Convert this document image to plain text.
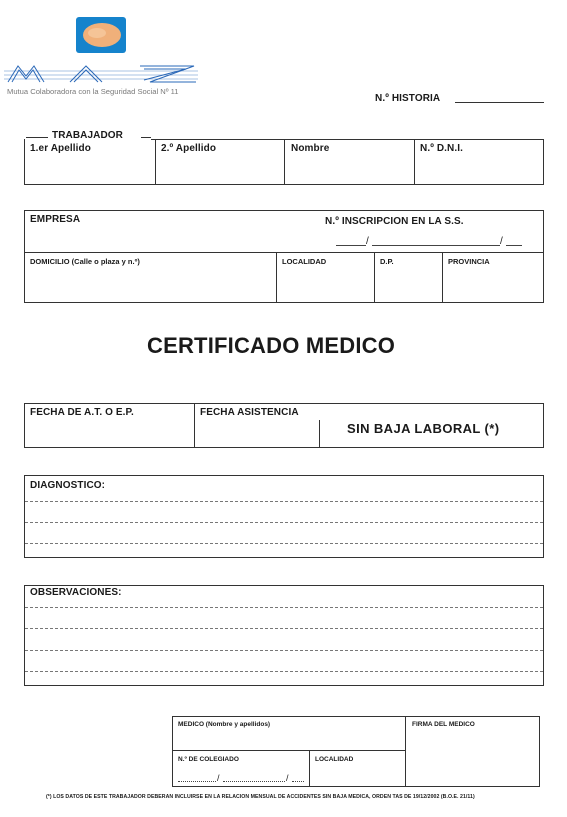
Mutua Colaboradora con la Seguridad Social Nº 11
N.º HISTORIA
TRABAJADOR
1.er Apellido	2.º Apellido	Nombre	N.º D.N.I.
EMPRESA	N.º INSCRIPCION EN LA S.S.
/	/
DOMICILIO (Calle o plaza y n.º)	LOCALIDAD	D.P.	PROVINCIA
CERTIFICADO MEDICO
FECHA DE A.T. O E.P.	FECHA ASISTENCIA
SIN BAJA LABORAL (*)
DIAGNOSTICO:
OBSERVACIONES:
MEDICO (Nombre y apellidos)	FIRMA DEL MEDICO
N.º DE COLEGIADO	LOCALIDAD
/	/
(*) LOS DATOS DE ESTE TRABAJADOR DEBERAN INCLUIRSE EN LA RELACION MENSUAL DE ACCIDENTES SIN BAJA MEDICA, ORDEN TAS DE 19/12/2002 (B.O.E. 21/11)
